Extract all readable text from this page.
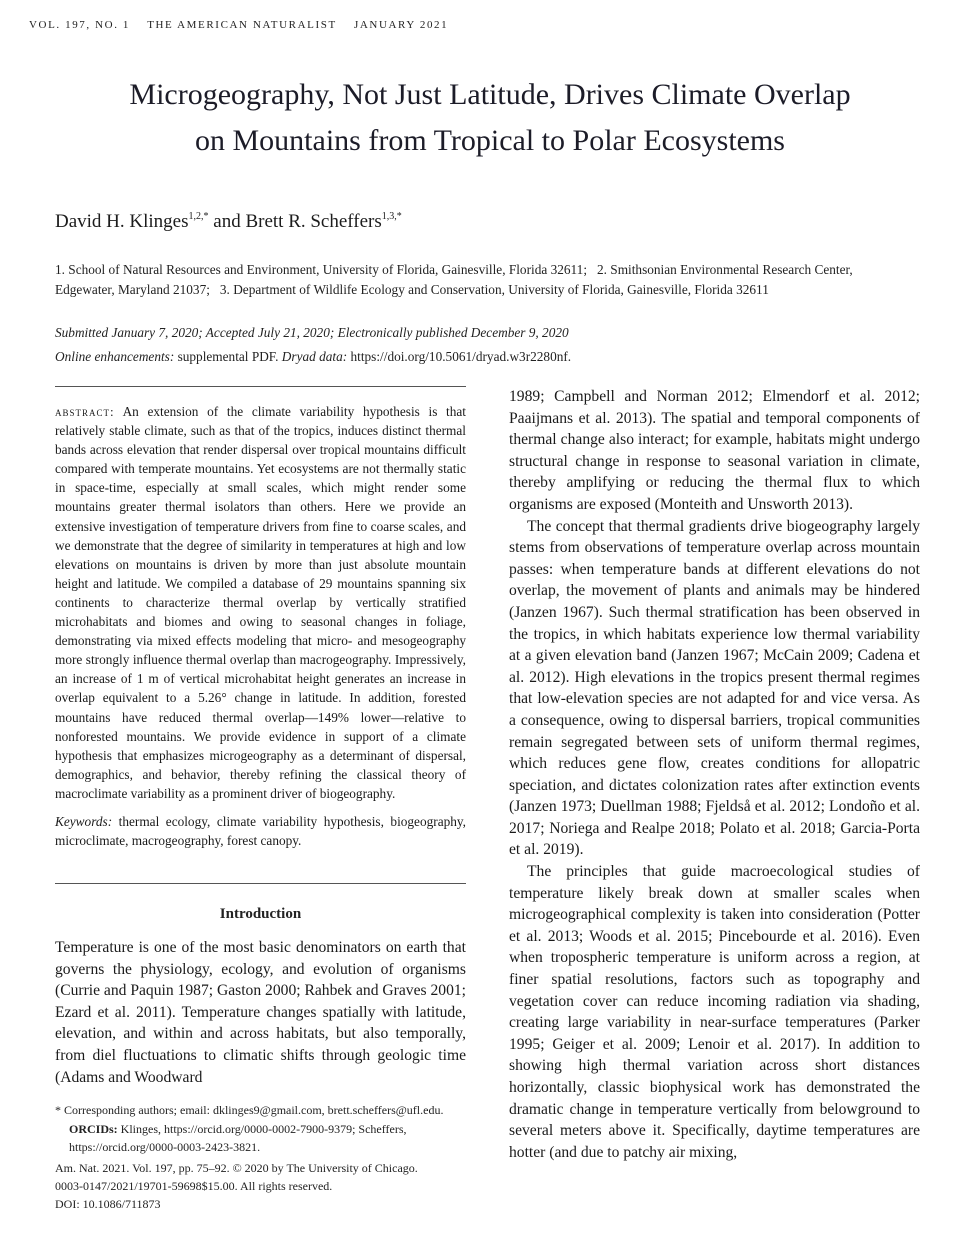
VOL. 197, NO. 1    THE AMERICAN NATURALIST    JANUARY 2021
Microgeography, Not Just Latitude, Drives Climate Overlap
on Mountains from Tropical to Polar Ecosystems
David H. Klinges$^{1,2,*}$ and Brett R. Scheffers$^{1,3,*}$
1. School of Natural Resources and Environment, University of Florida, Gainesville, Florida 32611;   2. Smithsonian Environmental Research Center, Edgewater, Maryland 21037;   3. Department of Wildlife Ecology and Conservation, University of Florida, Gainesville, Florida 32611
Submitted January 7, 2020; Accepted July 21, 2020; Electronically published December 9, 2020
Online enhancements: supplemental PDF. Dryad data: https://doi.org/10.5061/dryad.w3r2280nf.

abstract: An extension of the climate variability hypothesis is that relatively stable climate, such as that of the tropics, induces distinct thermal bands across elevation that render dispersal over tropical mountains difficult compared with temperate mountains. Yet ecosystems are not thermally static in space-time, especially at small scales, which might render some mountains greater thermal isolators than others. Here we provide an extensive investigation of temperature drivers from fine to coarse scales, and we demonstrate that the degree of similarity in temperatures at high and low elevations on mountains is driven by more than just absolute mountain height and latitude. We compiled a database of 29 mountains spanning six continents to characterize thermal overlap by vertically stratified microhabitats and biomes and owing to seasonal changes in foliage, demonstrating via mixed effects modeling that micro- and mesogeography more strongly influence thermal overlap than macrogeography. Impressively, an increase of 1 m of vertical microhabitat height generates an increase in overlap equivalent to a 5.26° change in latitude. In addition, forested mountains have reduced thermal overlap—149% lower—relative to nonforested mountains. We provide evidence in support of a climate hypothesis that emphasizes microgeography as a determinant of dispersal, demographics, and behavior, thereby refining the classical theory of macroclimate variability as a prominent driver of biogeography.

Keywords: thermal ecology, climate variability hypothesis, biogeography, microclimate, macrogeography, forest canopy.

Introduction

Temperature is one of the most basic denominators on earth that governs the physiology, ecology, and evolution of organisms (Currie and Paquin 1987; Gaston 2000; Rahbek and Graves 2001; Ezard et al. 2011). Temperature changes spatially with latitude, elevation, and within and across habitats, but also temporally, from diel fluctuations to climatic shifts through geologic time (Adams and Woodward

* Corresponding authors; email: dklinges9@gmail.com, brett.scheffers@ufl.edu.
ORCIDs: Klinges, https://orcid.org/0000-0002-7900-9379; Scheffers, https://orcid.org/0000-0003-2423-3821.
Am. Nat. 2021. Vol. 197, pp. 75–92. © 2020 by The University of Chicago.
0003-0147/2021/19701-59698$15.00. All rights reserved.
DOI: 10.1086/711873

1989; Campbell and Norman 2012; Elmendorf et al. 2012; Paaijmans et al. 2013). The spatial and temporal components of thermal change also interact; for example, habitats might undergo structural change in response to seasonal variation in climate, thereby amplifying or reducing the thermal flux to which organisms are exposed (Monteith and Unsworth 2013).

The concept that thermal gradients drive biogeography largely stems from observations of temperature overlap across mountain passes: when temperature bands at different elevations do not overlap, the movement of plants and animals may be hindered (Janzen 1967). Such thermal stratification has been observed in the tropics, in which habitats experience low thermal variability at a given elevation band (Janzen 1967; McCain 2009; Cadena et al. 2012). High elevations in the tropics present thermal regimes that low-elevation species are not adapted for and vice versa. As a consequence, owing to dispersal barriers, tropical communities remain segregated between sets of uniform thermal regimes, which reduces gene flow, creates conditions for allopatric speciation, and dictates colonization rates after extinction events (Janzen 1973; Duellman 1988; Fjeldså et al. 2012; Londoño et al. 2017; Noriega and Realpe 2018; Polato et al. 2018; Garcia-Porta et al. 2019).

The principles that guide macroecological studies of temperature likely break down at smaller scales when microgeographical complexity is taken into consideration (Potter et al. 2013; Woods et al. 2015; Pincebourde et al. 2016). Even when tropospheric temperature is uniform across a region, at finer spatial resolutions, factors such as topography and vegetation cover can reduce incoming radiation via shading, creating large variability in near-surface temperatures (Parker 1995; Geiger et al. 2009; Lenoir et al. 2017). In addition to showing high thermal variation across short distances horizontally, classic biophysical work has demonstrated the dramatic change in temperature vertically from belowground to several meters above it. Specifically, daytime temperatures are hotter (and due to patchy air mixing,
